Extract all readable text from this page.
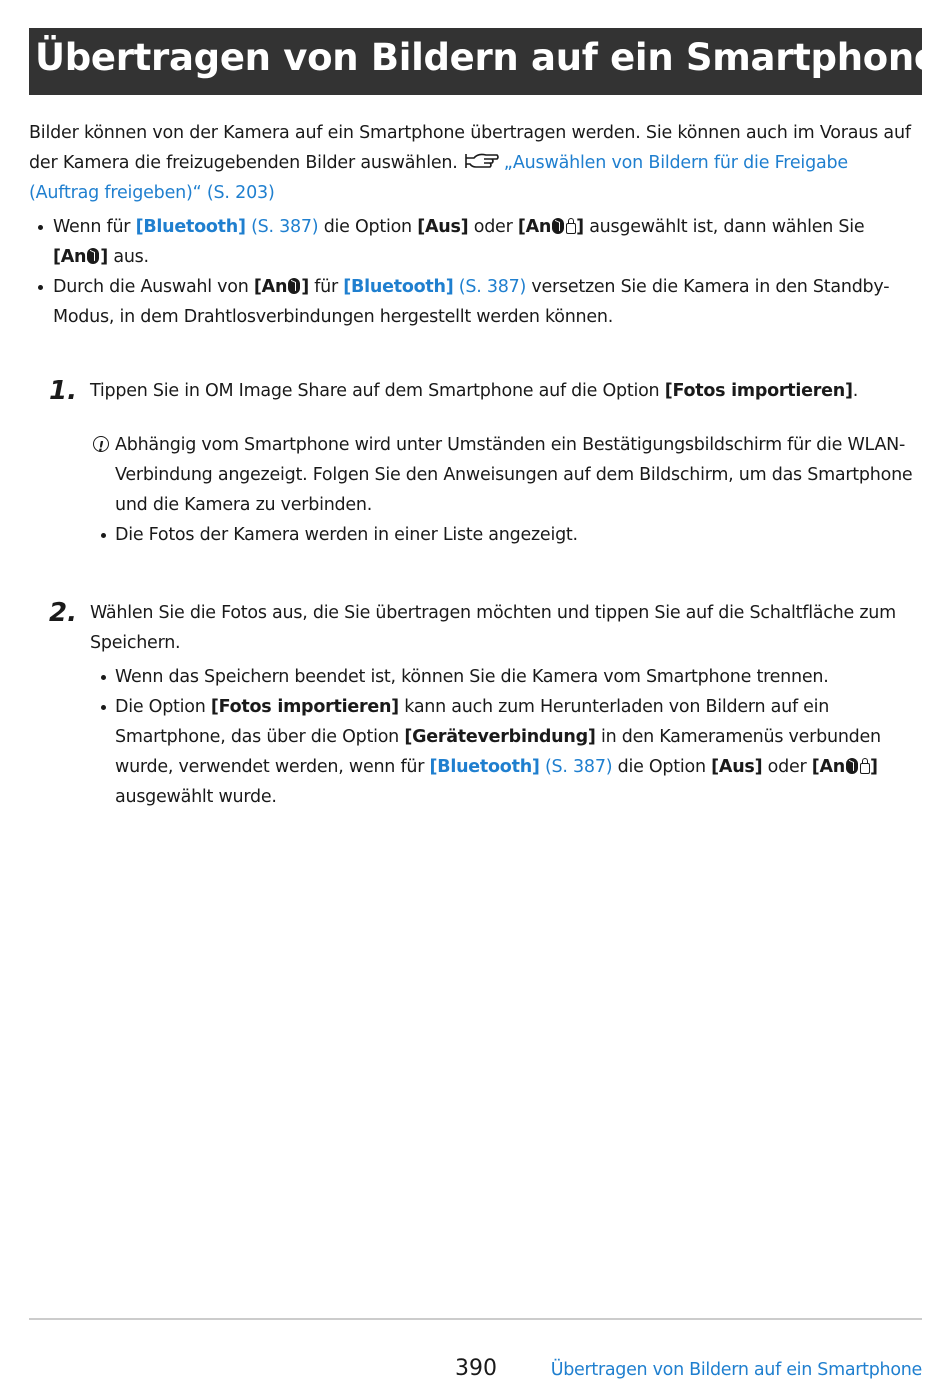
Übertragen von Bildern auf ein Smartphone

Bilder können von der Kamera auf ein Smartphone übertragen werden. Sie können auch im Voraus auf der Kamera die freizugebenden Bilder auswählen.	„Auswählen von Bildern für die Freigabe (Auftrag freigeben)“ (S. 203)

Wenn für [Bluetooth] (S. 387) die Option [Aus] oder [An ] ausgewählt ist, dann wählen Sie
[An ] aus.
Durch die Auswahl von [An ] für [Bluetooth] (S. 387) versetzen Sie die Kamera in den Standby-Modus, in dem Drahtlosverbindungen hergestellt werden können.
1. Tippen Sie in OM Image Share auf dem Smartphone auf die Option [Fotos importieren].

!
Abhängig vom Smartphone wird unter Umständen ein Bestätigungsbildschirm für die WLAN-Verbindung angezeigt. Folgen Sie den Anweisungen auf dem Bildschirm, um das Smartphone und die Kamera zu verbinden.

Die Fotos der Kamera werden in einer Liste angezeigt.
2. Wählen Sie die Fotos aus, die Sie übertragen möchten und tippen Sie auf die Schaltfläche zum Speichern.

Wenn das Speichern beendet ist, können Sie die Kamera vom Smartphone trennen.
Die Option [Fotos importieren] kann auch zum Herunterladen von Bildern auf ein Smartphone, das über die Option [Geräteverbindung] in den Kameramenüs verbunden wurde, verwendet werden, wenn für [Bluetooth] (S. 387) die Option [Aus] oder [An ] ausgewählt wurde.
390	Übertragen von Bildern auf ein Smartphone
